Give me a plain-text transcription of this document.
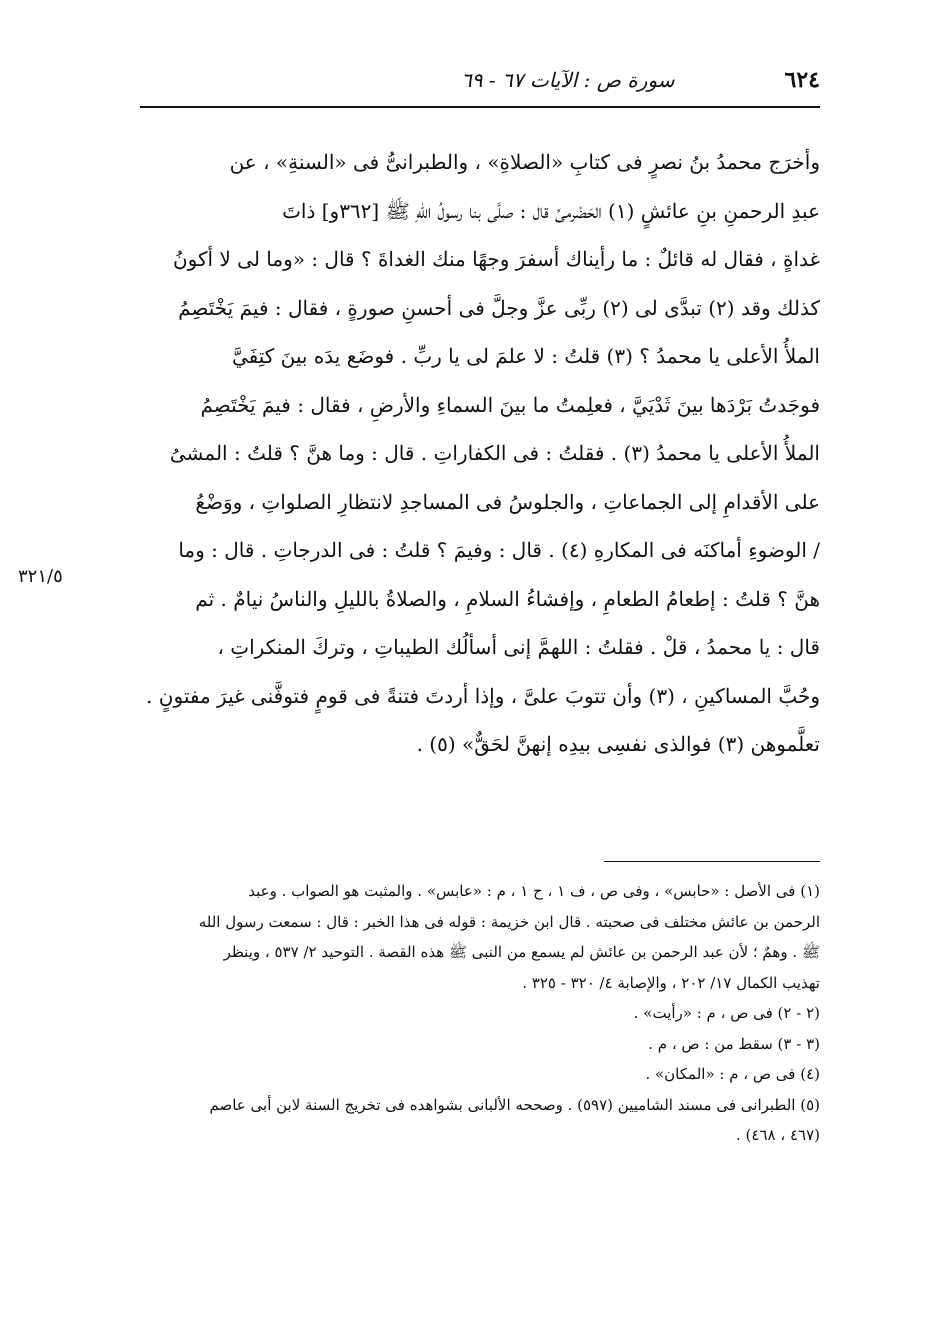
٦٢٤
سورة ص : الآيات ٦٧ - ٦٩
٣٢١/٥
وأخرَج محمدُ بنُ نصرٍ فى كتابِ «الصلاةِ» ، والطبرانىُّ فى «السنةِ» ، عن
عبدِ الرحمنِ بنِ عائشٍ (١) الحَضْرمىِّ قال : صلَّى بنا رسولُ اللهِ ﷺ [٣٦٢و] ذاتَ
غداةٍ ، فقال له قائلٌ : ما رأيناك أسفرَ وجهًا منك الغداةَ ؟ قال : «وما لى لا أكونُ
كذلك وقد (٢) تبدَّى لى (٢) ربِّى عزَّ وجلَّ فى أحسنِ صورةٍ ، فقال : فيمَ يَخْتَصِمُ
الملأُ الأعلى يا محمدُ ؟ (٣) قلتُ : لا علمَ لى يا ربِّ . فوضَع يدَه بينَ كتِفَيَّ
فوجَدتُ بَرْدَها بينَ ثَدْيَيَّ ، فعلِمتُ ما بينَ السماءِ والأرضِ ، فقال : فيمَ يَخْتَصِمُ
الملأُ الأعلى يا محمدُ (٣) . فقلتُ : فى الكفاراتِ . قال : وما هنَّ ؟ قلتُ : المشىُ
على الأقدامِ إلى الجماعاتِ ، والجلوسُ فى المساجدِ لانتظارِ الصلواتِ ، ووَضْعُ
/ الوضوءِ أماكنَه فى المكارهِ (٤) . قال : وفيمَ ؟ قلتُ : فى الدرجاتِ . قال : وما
هنَّ ؟ قلتُ : إطعامُ الطعامِ ، وإفشاءُ السلامِ ، والصلاةُ بالليلِ والناسُ نيامٌ . ثم
قال : يا محمدُ ، قلْ . فقلتُ : اللهمَّ إنى أسألُك الطيباتِ ، وتركَ المنكراتِ ،
وحُبَّ المساكينِ ، (٣) وأن تتوبَ علىَّ ، وإذا أردتَ فتنةً فى قومٍ فتوفَّنى غيرَ مفتونٍ .
تعلَّموهن (٣) فوالذى نفسِى بيدِه إنهنَّ لحَقٌّ» (٥) .

(١) فى الأصل : «حابس» ، وفى ص ، ف ١ ، ح ١ ، م : «عابس» . والمثبت هو الصواب . وعبد

الرحمن بن عائش مختلف فى صحبته . قال ابن خزيمة : قوله فى هذا الخبر : قال : سمعت رسول الله

ﷺ . وهمٌ ؛ لأن عبد الرحمن بن عائش لم يسمع من النبى ﷺ هذه القصة . التوحيد ٢/ ٥٣٧ ، وينظر

تهذيب الكمال ١٧/ ٢٠٢ ، والإصابة ٤/ ٣٢٠ - ٣٢٥ .

(٢ - ٢) فى ص ، م : «رأيت» .

(٣ - ٣) سقط من : ص ، م .

(٤) فى ص ، م : «المكان» .

(٥) الطبرانى فى مسند الشاميين (٥٩٧) . وصححه الألبانى بشواهده فى تخريج السنة لابن أبى عاصم

(٤٦٧ ، ٤٦٨) .
